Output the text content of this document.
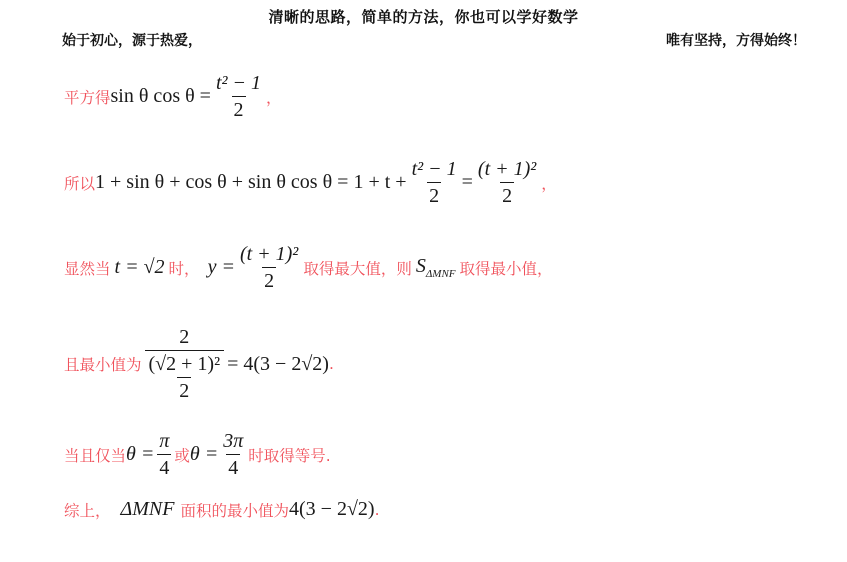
清晰的思路，简单的方法，你也可以学好数学
始于初心，源于热爱，	唯有坚持，方得始终！
平方得 sin θ $\cos \theta = \frac{\text{t² − 1}}{2}$ ，
所以 1 + sin θ + cos θ + sin θ $\cos \theta = 1 + t + \frac{\text{t² − 1}}{2} = \frac{\text{(t + 1)²}}{2}$ ，
显然当 t = √2 时， $y = \frac{\text{(t + 1)²}}{2}$ 取得最大值，则 $S_{\Delta MNF}$ 取得最小值，
且最小值为 $\frac{2}{\frac{\text{(√2 + 1)²}}{2}} = 4(3 - 2√2)$ .
当且仅当 $\theta = \frac{\pi}{4}$ 或 $\theta = \frac{3\pi}{4}$ 时取得等号.
综上， ΔMNF 面积的最小值为 4(3 − 2√2) .
